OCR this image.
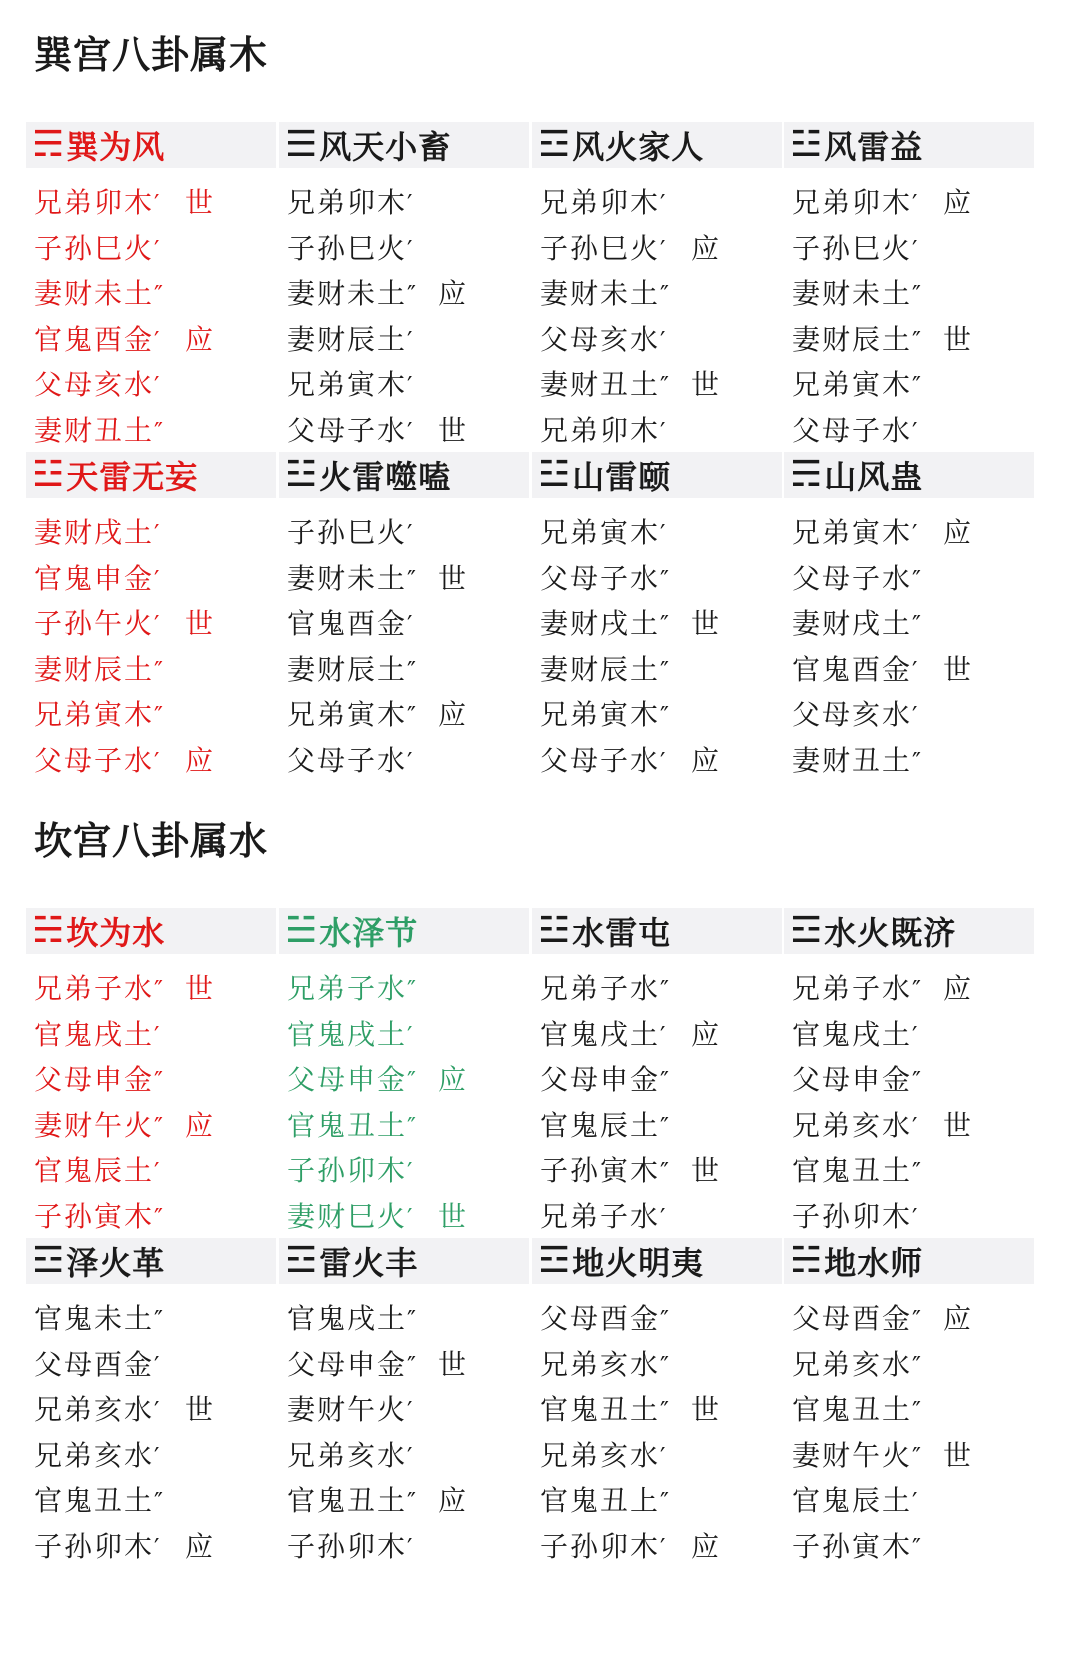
巽宫八卦属木
☴ 巽为风
兄弟卯木′ 世
子孙巳火′
妻财未土″
官鬼酉金′ 应
父母亥水′
妻财丑土″
☰ 风天小畜
兄弟卯木′
子孙巳火′
妻财未土″ 应
妻财辰土′
兄弟寅木′
父母子水′ 世
☲ 风火家人
兄弟卯木′
子孙巳火′ 应
妻财未土″
父母亥水′
妻财丑土″ 世
兄弟卯木′
☳ 风雷益
兄弟卯木′ 应
子孙巳火′
妻财未土″
妻财辰土″ 世
兄弟寅木″
父母子水′
☳ 天雷无妄
妻财戌土′
官鬼申金′
子孙午火′ 世
妻财辰土″
兄弟寅木″
父母子水′ 应
☳ 火雷噬嗑
子孙巳火′
妻财未土″ 世
官鬼酉金′
妻财辰土″
兄弟寅木″ 应
父母子水′
☳ 山雷颐
兄弟寅木′
父母子水″
妻财戌土″ 世
妻财辰土″
兄弟寅木″
父母子水′ 应
☴ 山风蛊
兄弟寅木′ 应
父母子水″
妻财戌土″
官鬼酉金′ 世
父母亥水′
妻财丑土″
坎宫八卦属水
☵ 坎为水
兄弟子水″ 世
官鬼戌土′
父母申金″
妻财午火″ 应
官鬼辰土′
子孙寅木″
☱ 水泽节
兄弟子水″
官鬼戌土′
父母申金″ 应
官鬼丑土″
子孙卯木′
妻财巳火′ 世
☳ 水雷屯
兄弟子水″
官鬼戌土′ 应
父母申金″
官鬼辰土″
子孙寅木″ 世
兄弟子水′
☲ 水火既济
兄弟子水″ 应
官鬼戌土′
父母申金″
兄弟亥水′ 世
官鬼丑土″
子孙卯木′
☲ 泽火革
官鬼未土″
父母酉金′
兄弟亥水′ 世
兄弟亥水′
官鬼丑土″
子孙卯木′ 应
☲ 雷火丰
官鬼戌土″
父母申金″ 世
妻财午火′
兄弟亥水′
官鬼丑土″ 应
子孙卯木′
☲ 地火明夷
父母酉金″
兄弟亥水″
官鬼丑土″ 世
兄弟亥水′
官鬼丑上″
子孙卯木′ 应
☵ 地水师
父母酉金″ 应
兄弟亥水″
官鬼丑土″
妻财午火″ 世
官鬼辰土′
子孙寅木″
